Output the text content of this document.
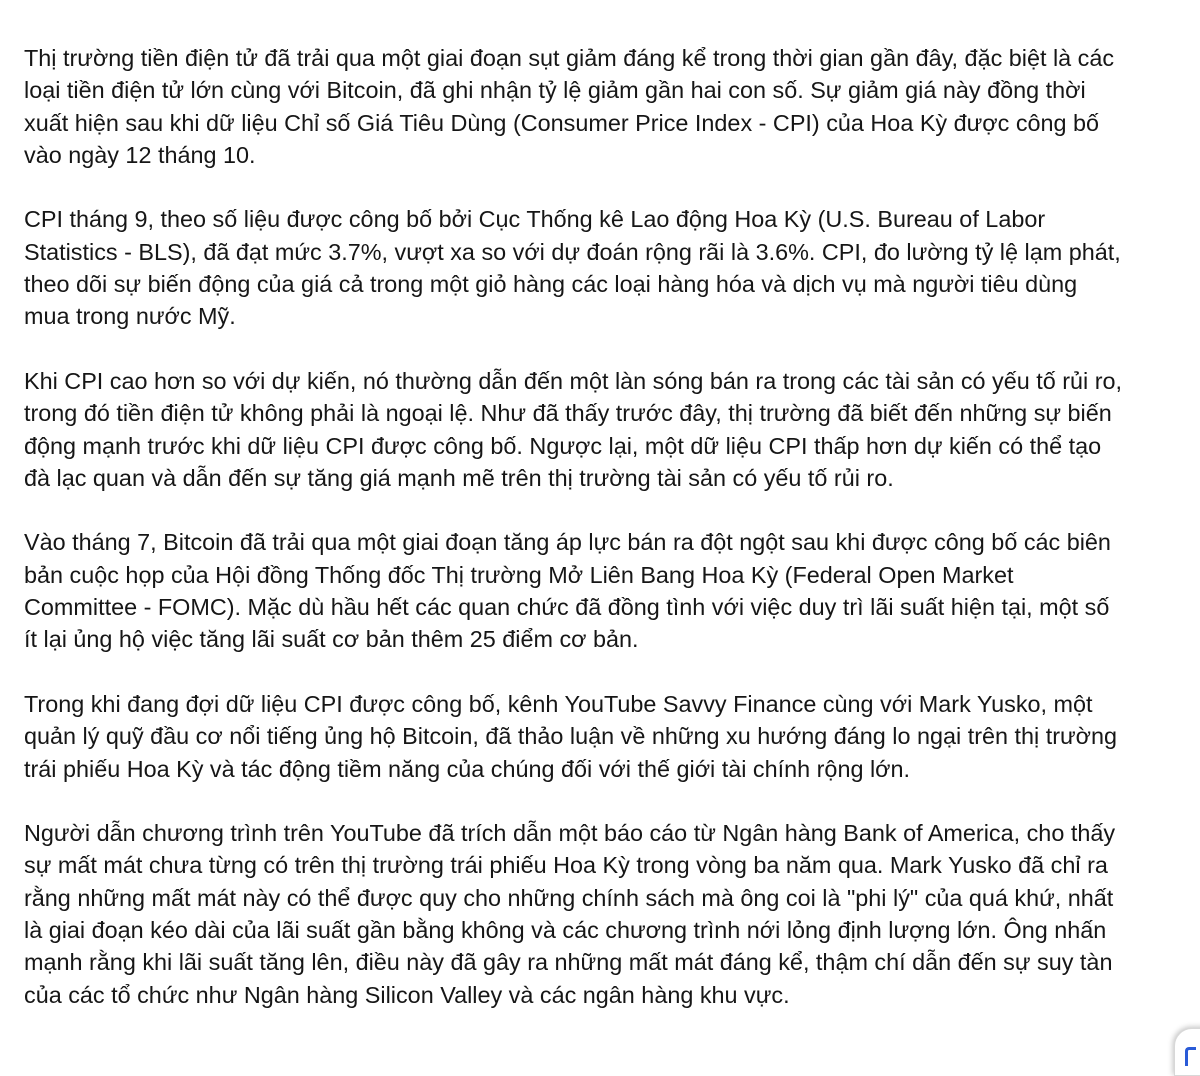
Thị trường tiền điện tử đã trải qua một giai đoạn sụt giảm đáng kể trong thời gian gần đây, đặc biệt là các
loại tiền điện tử lớn cùng với Bitcoin, đã ghi nhận tỷ lệ giảm gần hai con số. Sự giảm giá này đồng thời
xuất hiện sau khi dữ liệu Chỉ số Giá Tiêu Dùng (Consumer Price Index - CPI) của Hoa Kỳ được công bố
vào ngày 12 tháng 10.

CPI tháng 9, theo số liệu được công bố bởi Cục Thống kê Lao động Hoa Kỳ (U.S. Bureau of Labor
Statistics - BLS), đã đạt mức 3.7%, vượt xa so với dự đoán rộng rãi là 3.6%. CPI, đo lường tỷ lệ lạm phát,
theo dõi sự biến động của giá cả trong một giỏ hàng các loại hàng hóa và dịch vụ mà người tiêu dùng
mua trong nước Mỹ.

Khi CPI cao hơn so với dự kiến, nó thường dẫn đến một làn sóng bán ra trong các tài sản có yếu tố rủi ro,
trong đó tiền điện tử không phải là ngoại lệ. Như đã thấy trước đây, thị trường đã biết đến những sự biến
động mạnh trước khi dữ liệu CPI được công bố. Ngược lại, một dữ liệu CPI thấp hơn dự kiến có thể tạo
đà lạc quan và dẫn đến sự tăng giá mạnh mẽ trên thị trường tài sản có yếu tố rủi ro.

Vào tháng 7, Bitcoin đã trải qua một giai đoạn tăng áp lực bán ra đột ngột sau khi được công bố các biên
bản cuộc họp của Hội đồng Thống đốc Thị trường Mở Liên Bang Hoa Kỳ (Federal Open Market
Committee - FOMC). Mặc dù hầu hết các quan chức đã đồng tình với việc duy trì lãi suất hiện tại, một số
ít lại ủng hộ việc tăng lãi suất cơ bản thêm 25 điểm cơ bản.

Trong khi đang đợi dữ liệu CPI được công bố, kênh YouTube Savvy Finance cùng với Mark Yusko, một
quản lý quỹ đầu cơ nổi tiếng ủng hộ Bitcoin, đã thảo luận về những xu hướng đáng lo ngại trên thị trường
trái phiếu Hoa Kỳ và tác động tiềm năng của chúng đối với thế giới tài chính rộng lớn.

Người dẫn chương trình trên YouTube đã trích dẫn một báo cáo từ Ngân hàng Bank of America, cho thấy
sự mất mát chưa từng có trên thị trường trái phiếu Hoa Kỳ trong vòng ba năm qua. Mark Yusko đã chỉ ra
rằng những mất mát này có thể được quy cho những chính sách mà ông coi là "phi lý" của quá khứ, nhất
là giai đoạn kéo dài của lãi suất gần bằng không và các chương trình nới lỏng định lượng lớn. Ông nhấn
mạnh rằng khi lãi suất tăng lên, điều này đã gây ra những mất mát đáng kể, thậm chí dẫn đến sự suy tàn
của các tổ chức như Ngân hàng Silicon Valley và các ngân hàng khu vực.
